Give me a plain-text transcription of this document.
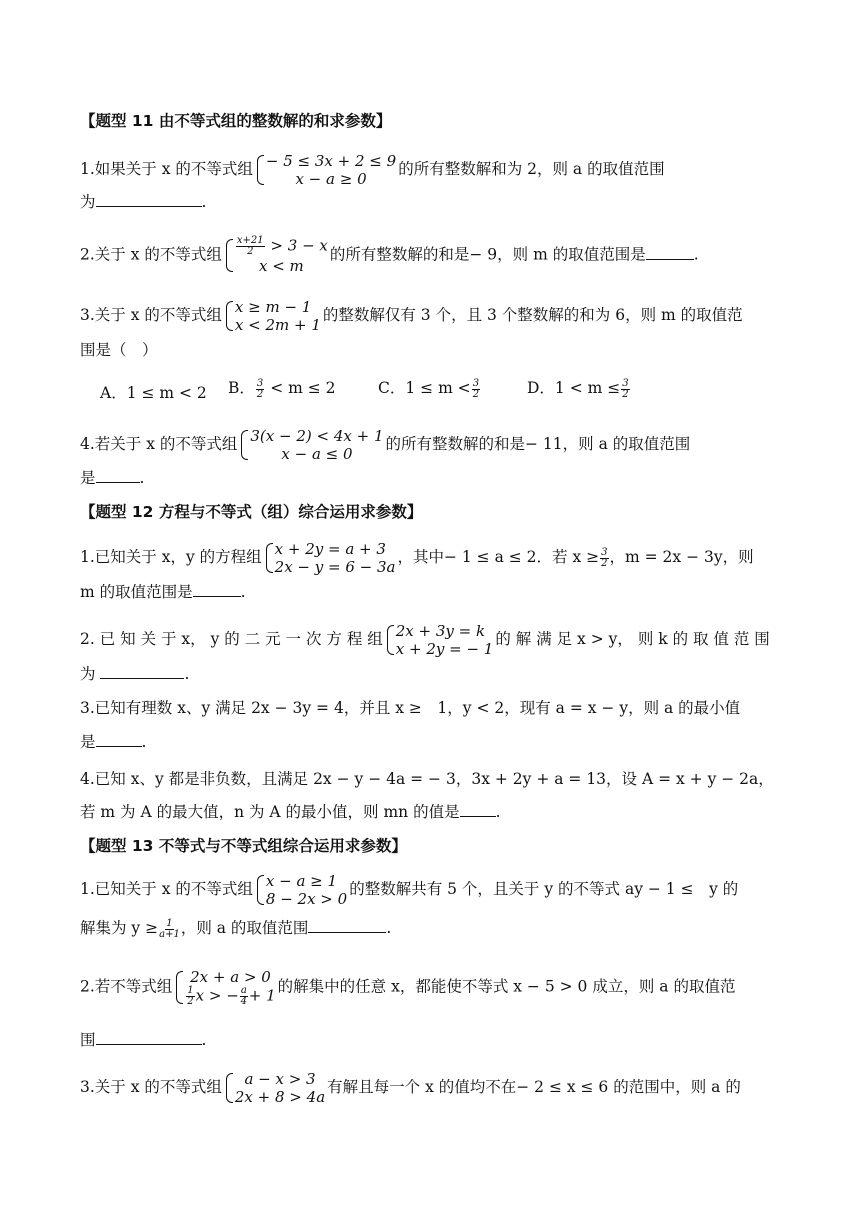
【题型 11 由不等式组的整数解的和求参数】
1.如果关于 x 的不等式组 − 5 ≤ 3x + 2 ≤ 9
x − a ≥ 0
的所有整数解和为 2，则 a 的取值范围
为	.
2.关于 x 的不等式组 $\frac{x+21}{2} > 3 - x$
x < m
的所有整数解的和是− 9，则 m 的取值范围是	.
3.关于 x 的不等式组 x ≥ m − 1
x < 2m + 1
的整数解仅有 3 个，且 3 个整数解的和为 6，则 m 的取值范
围是（　）
A．1 ≤ m < 2 B． $\frac{3}{2} < m \le 2$	C．$1 \le m < \frac{3}{2}$	D．$1 < m \le \frac{3}{2}$
4.若关于 x 的不等式组 3(x − 2) < 4x + 1
x − a ≤ 0
的所有整数解的和是− 11，则 a 的取值范围
是	.
【题型 12 方程与不等式（组）综合运用求参数】
1.已知关于 x，y 的方程组 x + 2y = a + 3
2x − y = 6 − 3a
，其中− 1 ≤ a ≤ 2．若 $x \ge \frac{3}{2}$ ，m = 2x − 3y，则
m 的取值范围是	.
2. 已 知 关 于 x， y 的 二 元 一 次 方 程 组 2x + 3y = k
x + 2y = − 1
的 解 满 足 x > y， 则 k 的 取 值 范 围
为	.
3.已知有理数 x、y 满足 2x − 3y = 4，并且 x ≥　1，y < 2，现有 a = x − y，则 a 的最小值
是	.
4.已知 x、y 都是非负数，且满足 2x − y − 4a = − 3，3x + 2y + a = 13，设 A = x + y − 2a，
若 m 为 A 的最大值，n 为 A 的最小值，则 mn 的值是 .
【题型 13 不等式与不等式组综合运用求参数】
1.已知关于 x 的不等式组 x − a ≥ 1
8 − 2x > 0
的整数解共有 5 个，且关于 y 的不等式 ay − 1 ≤　y 的
解集为 $y \ge \frac{1}{a+1}$ ，则 a 的取值范围	.
2.若不等式组
2x + a > 0
$\frac{1}{2}$ x > − $\frac{a}{4} + 1$ 的解集中的任意 x，都能使不等式 x − 5 > 0 成立，则 a 的取值范
围	.
3.关于 x 的不等式组	a − x > 3
2x + 8 > 4a
有解且每一个 x 的值均不在− 2 ≤ x ≤ 6 的范围中，则 a 的
